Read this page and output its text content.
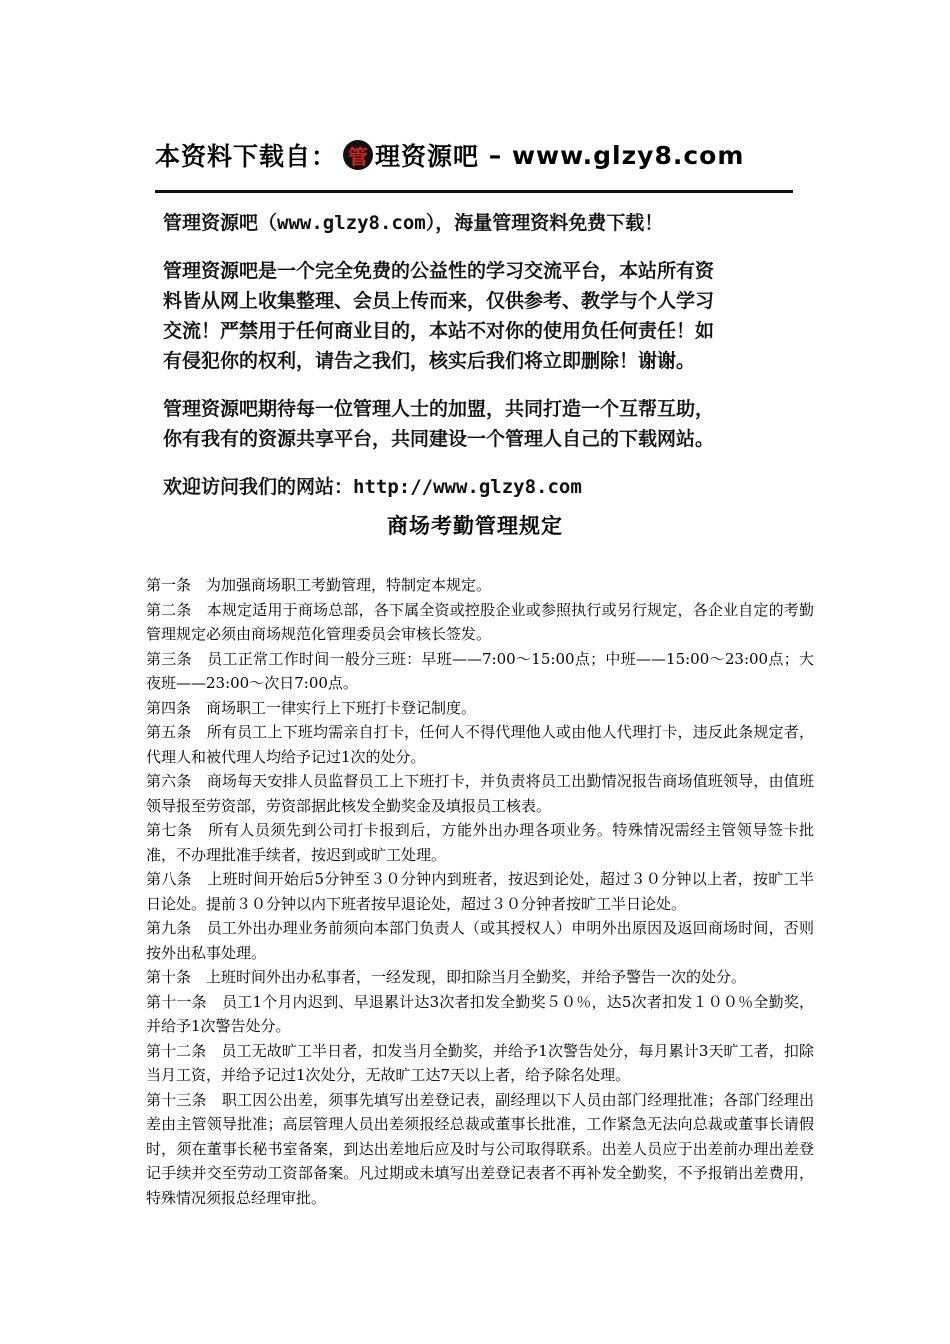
本资料下载自： 管 理资源吧 – www.glzy8.com

管理资源吧（www.glzy8.com），海量管理资料免费下载！

管理资源吧是一个完全免费的公益性的学习交流平台，本站所有资

料皆从网上收集整理、会员上传而来，仅供参考、教学与个人学习

交流！严禁用于任何商业目的，本站不对你的使用负任何责任！如

有侵犯你的权利，请告之我们，核实后我们将立即删除！谢谢。

管理资源吧期待每一位管理人士的加盟，共同打造一个互帮互助，

你有我有的资源共享平台，共同建设一个管理人自己的下载网站。

欢迎访问我们的网站：http://www.glzy8.com

商场考勤管理规定

第一条　为加强商场职工考勤管理，特制定本规定。

第二条　本规定适用于商场总部，各下属全资或控股企业或参照执行或另行规定，各企业自定的考勤管理规定必须由商场规范化管理委员会审核长签发。

第三条　员工正常工作时间一般分三班：早班——7:00～15:00点；中班——15:00～23:00点；大夜班——23:00～次日7:00点。

第四条　商场职工一律实行上下班打卡登记制度。

第五条　所有员工上下班均需亲自打卡，任何人不得代理他人或由他人代理打卡，违反此条规定者，代理人和被代理人均给予记过1次的处分。

第六条　商场每天安排人员监督员工上下班打卡，并负责将员工出勤情况报告商场值班领导，由值班领导报至劳资部，劳资部据此核发全勤奖金及填报员工核表。

第七条　所有人员须先到公司打卡报到后，方能外出办理各项业务。特殊情况需经主管领导签卡批准，不办理批准手续者，按迟到或旷工处理。

第八条　上班时间开始后5分钟至３０分钟内到班者，按迟到论处，超过３０分钟以上者，按旷工半日论处。提前３０分钟以内下班者按早退论处，超过３０分钟者按旷工半日论处。

第九条　员工外出办理业务前须向本部门负责人（或其授权人）申明外出原因及返回商场时间，否则按外出私事处理。

第十条　上班时间外出办私事者，一经发现，即扣除当月全勤奖，并给予警告一次的处分。

第十一条　员工1个月内迟到、早退累计达3次者扣发全勤奖５０％，达5次者扣发１００％全勤奖，并给予1次警告处分。

第十二条　员工无故旷工半日者，扣发当月全勤奖，并给予1次警告处分，每月累计3天旷工者，扣除当月工资，并给予记过1次处分，无故旷工达7天以上者，给予除名处理。

第十三条　职工因公出差，须事先填写出差登记表，副经理以下人员由部门经理批准；各部门经理出差由主管领导批准；高层管理人员出差须报经总裁或董事长批准，工作紧急无法向总裁或董事长请假时，须在董事长秘书室备案，到达出差地后应及时与公司取得联系。出差人员应于出差前办理出差登记手续并交至劳动工资部备案。凡过期或未填写出差登记表者不再补发全勤奖，不予报销出差费用，特殊情况须报总经理审批。
